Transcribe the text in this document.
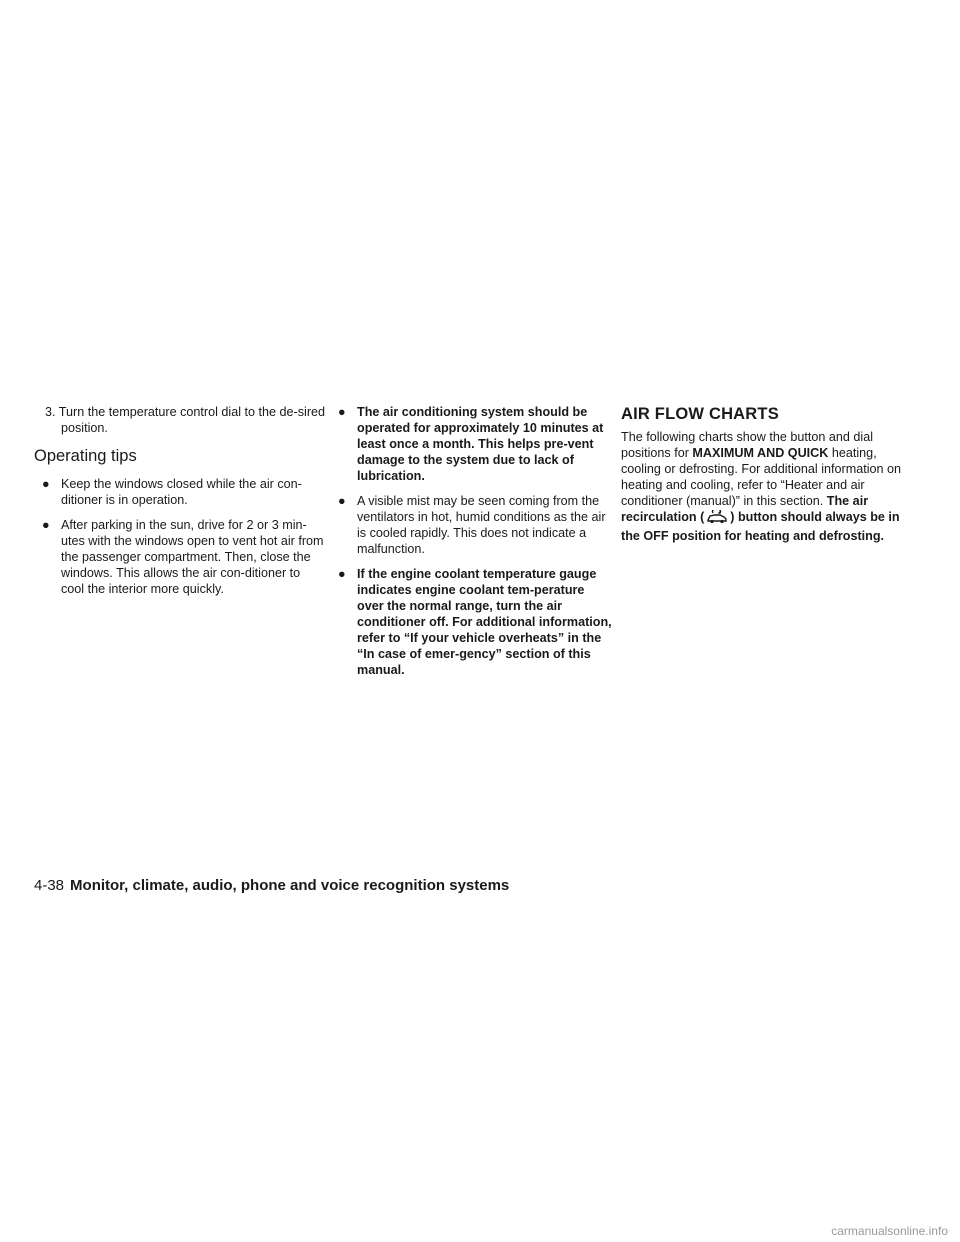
3. Turn the temperature control dial to the de-sired position.

Operating tips
● Keep the windows closed while the air con-ditioner is in operation.
● After parking in the sun, drive for 2 or 3 min-utes with the windows open to vent hot air from the passenger compartment. Then, close the windows. This allows the air con-ditioner to cool the interior more quickly.
● The air conditioning system should be operated for approximately 10 minutes at least once a month. This helps pre-vent damage to the system due to lack of lubrication.
● A visible mist may be seen coming from the ventilators in hot, humid conditions as the air is cooled rapidly. This does not indicate a malfunction.
● If the engine coolant temperature gauge indicates engine coolant tem-perature over the normal range, turn the air conditioner off. For additional information, refer to “If your vehicle overheats” in the “In case of emer-gency” section of this manual.
AIR FLOW CHARTS

The following charts show the button and dial positions for MAXIMUM AND QUICK heating, cooling or defrosting. For additional information on heating and cooling, refer to “Heater and air conditioner (manual)” in this section. The air recirculation ( ) button should always be in the OFF position for heating and defrosting.

4-38 Monitor, climate, audio, phone and voice recognition systems
carmanualsonline.info
